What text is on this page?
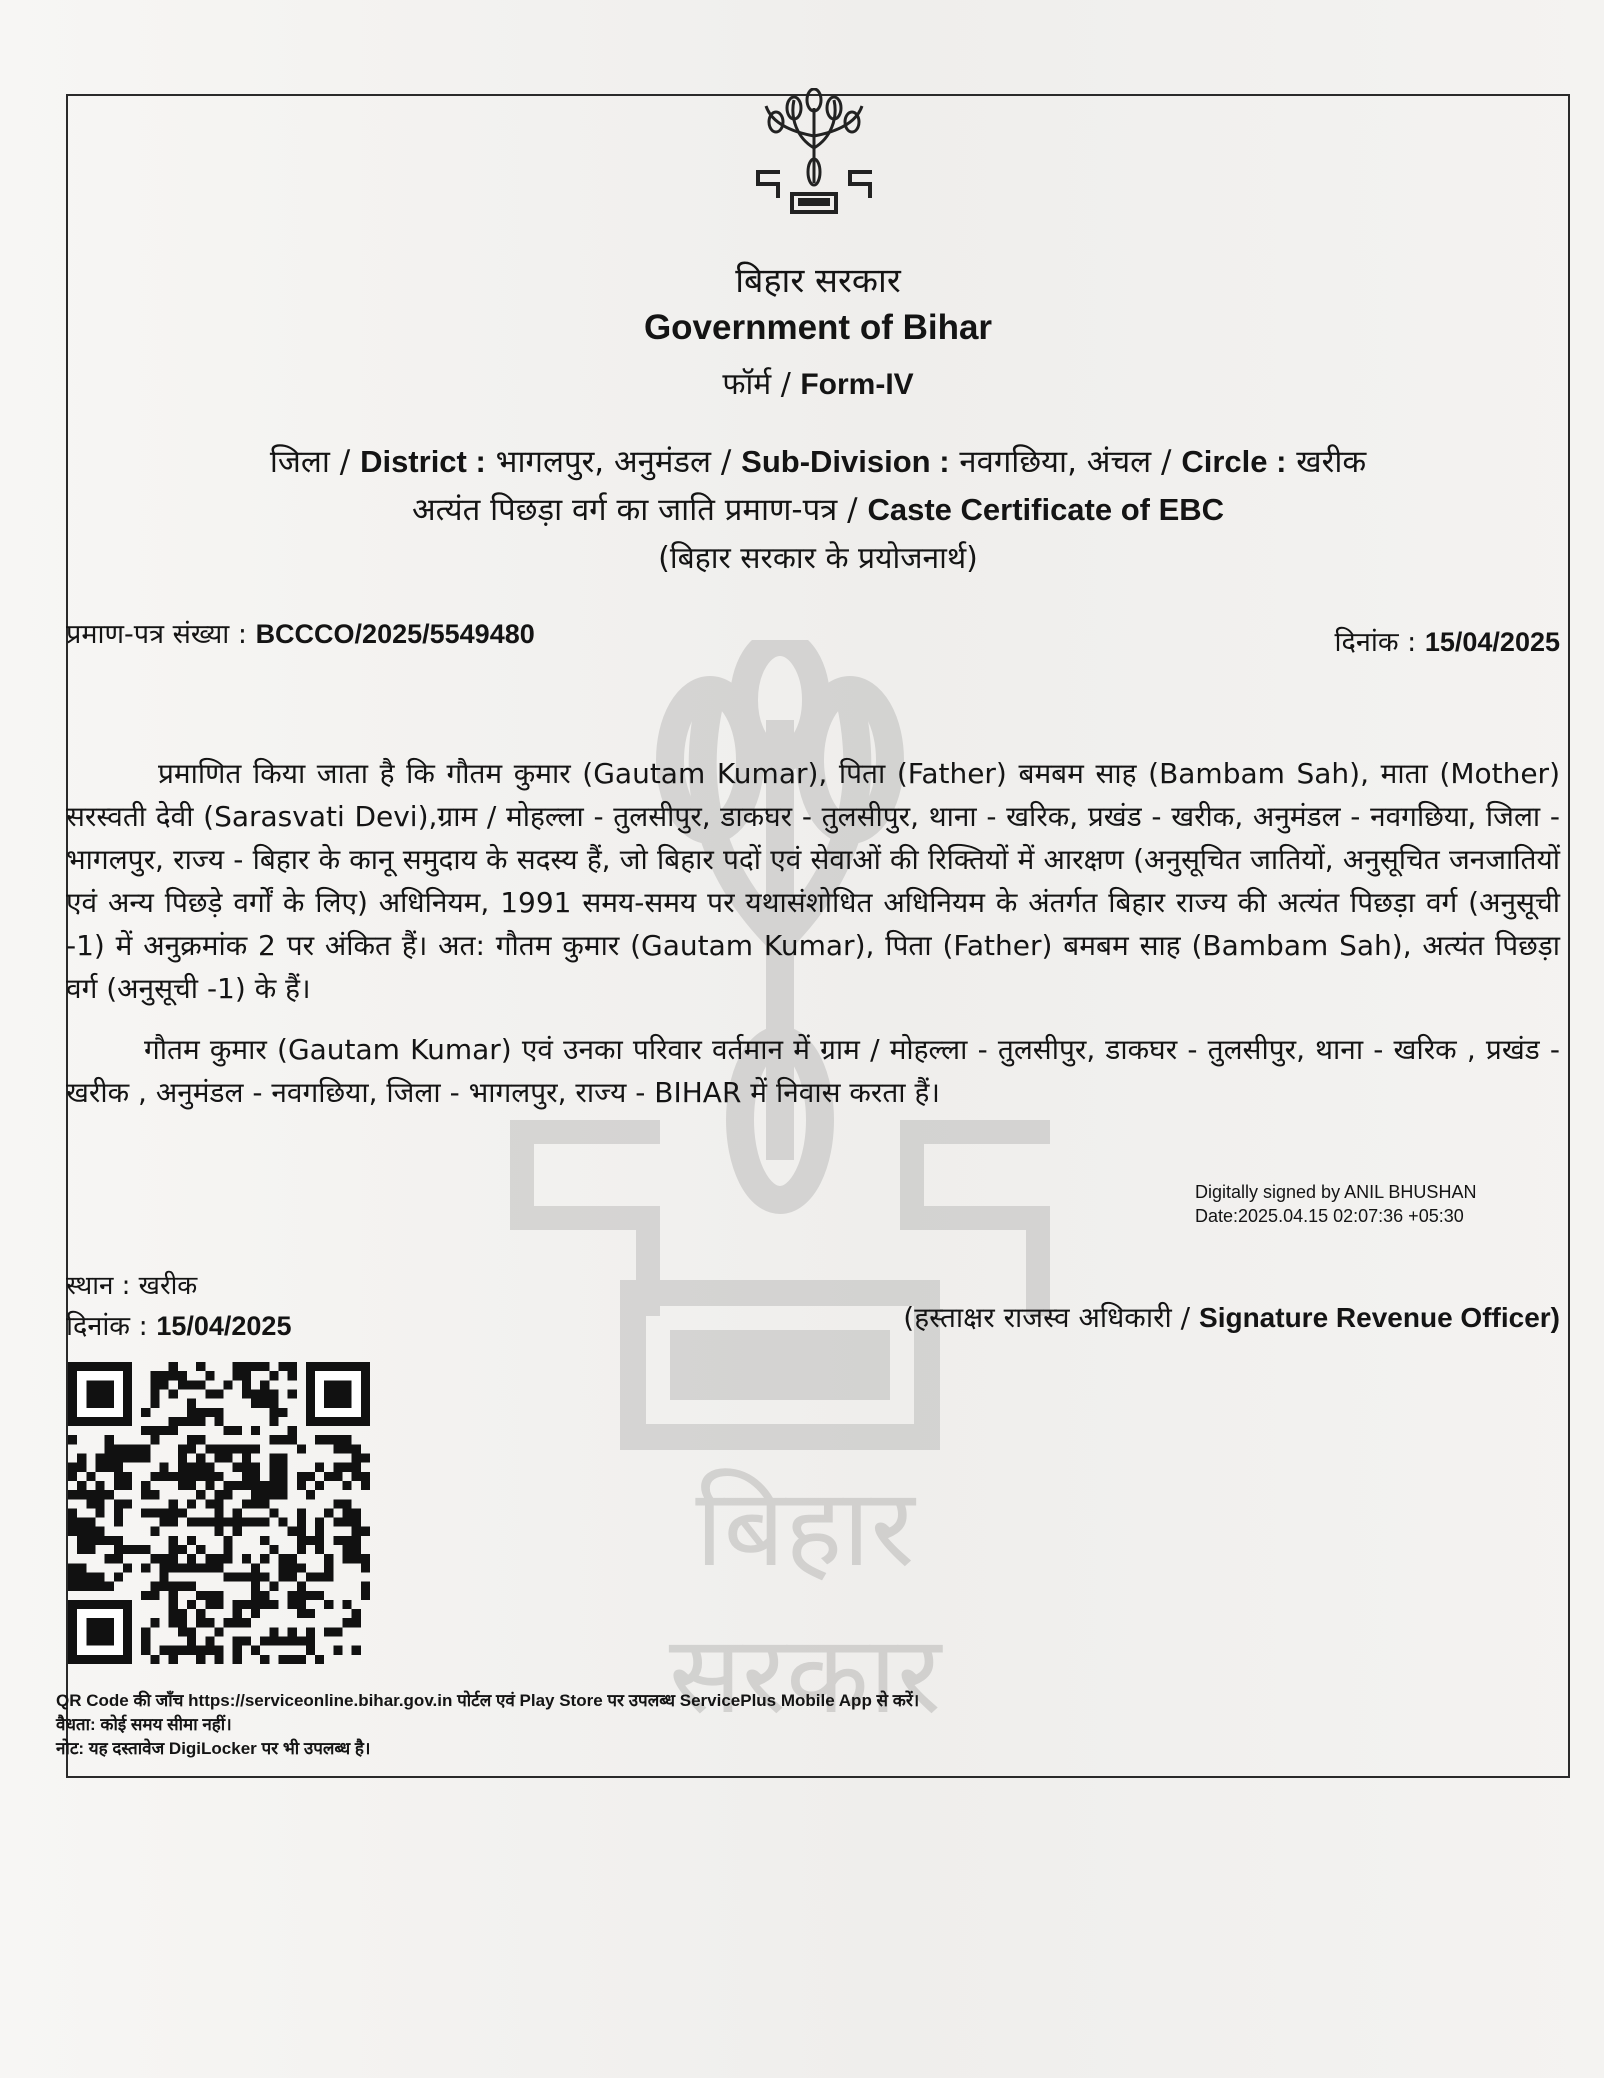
बिहार सरकार
बिहार सरकार
Government of Bihar
फॉर्म / Form-IV
जिला / District : भागलपुर, अनुमंडल / Sub-Division : नवगछिया, अंचल / Circle : खरीक
अत्यंत पिछड़ा वर्ग का जाति प्रमाण-पत्र / Caste Certificate of EBC
(बिहार सरकार के प्रयोजनार्थ)
प्रमाण-पत्र संख्या : BCCCO/2025/5549480	दिनांक : 15/04/2025
प्रमाणित किया जाता है कि गौतम कुमार (Gautam Kumar), पिता (Father) बमबम साह (Bambam Sah), माता (Mother) सरस्वती देवी (Sarasvati Devi),ग्राम / मोहल्ला - तुलसीपुर, डाकघर - तुलसीपुर, थाना - खरिक, प्रखंड - खरीक, अनुमंडल - नवगछिया, जिला - भागलपुर, राज्य - बिहार के कानू समुदाय के सदस्य हैं, जो बिहार पदों एवं सेवाओं की रिक्तियों में आरक्षण (अनुसूचित जातियों, अनुसूचित जनजातियों एवं अन्य पिछड़े वर्गों के लिए) अधिनियम, 1991 समय-समय पर यथासंशोधित अधिनियम के अंतर्गत बिहार राज्य की अत्यंत पिछड़ा वर्ग (अनुसूची -1) में अनुक्रमांक 2 पर अंकित हैं। अत: गौतम कुमार (Gautam Kumar), पिता (Father) बमबम साह (Bambam Sah), अत्यंत पिछड़ा वर्ग (अनुसूची -1) के हैं।
गौतम कुमार (Gautam Kumar) एवं उनका परिवार वर्तमान में ग्राम / मोहल्ला - तुलसीपुर, डाकघर - तुलसीपुर, थाना - खरिक , प्रखंड - खरीक , अनुमंडल - नवगछिया, जिला - भागलपुर, राज्य - BIHAR में निवास करता हैं।
Digitally signed by ANIL BHUSHAN
Date:2025.04.15 02:07:36 +05:30
स्थान : खरीक
दिनांक : 15/04/2025	(हस्ताक्षर राजस्व अधिकारी / Signature Revenue Officer)
QR Code की जाँच https://serviceonline.bihar.gov.in पोर्टल एवं Play Store पर उपलब्ध ServicePlus Mobile App से करें।
वैधता: कोई समय सीमा नहीं।
नोट: यह दस्तावेज DigiLocker पर भी उपलब्ध है।
